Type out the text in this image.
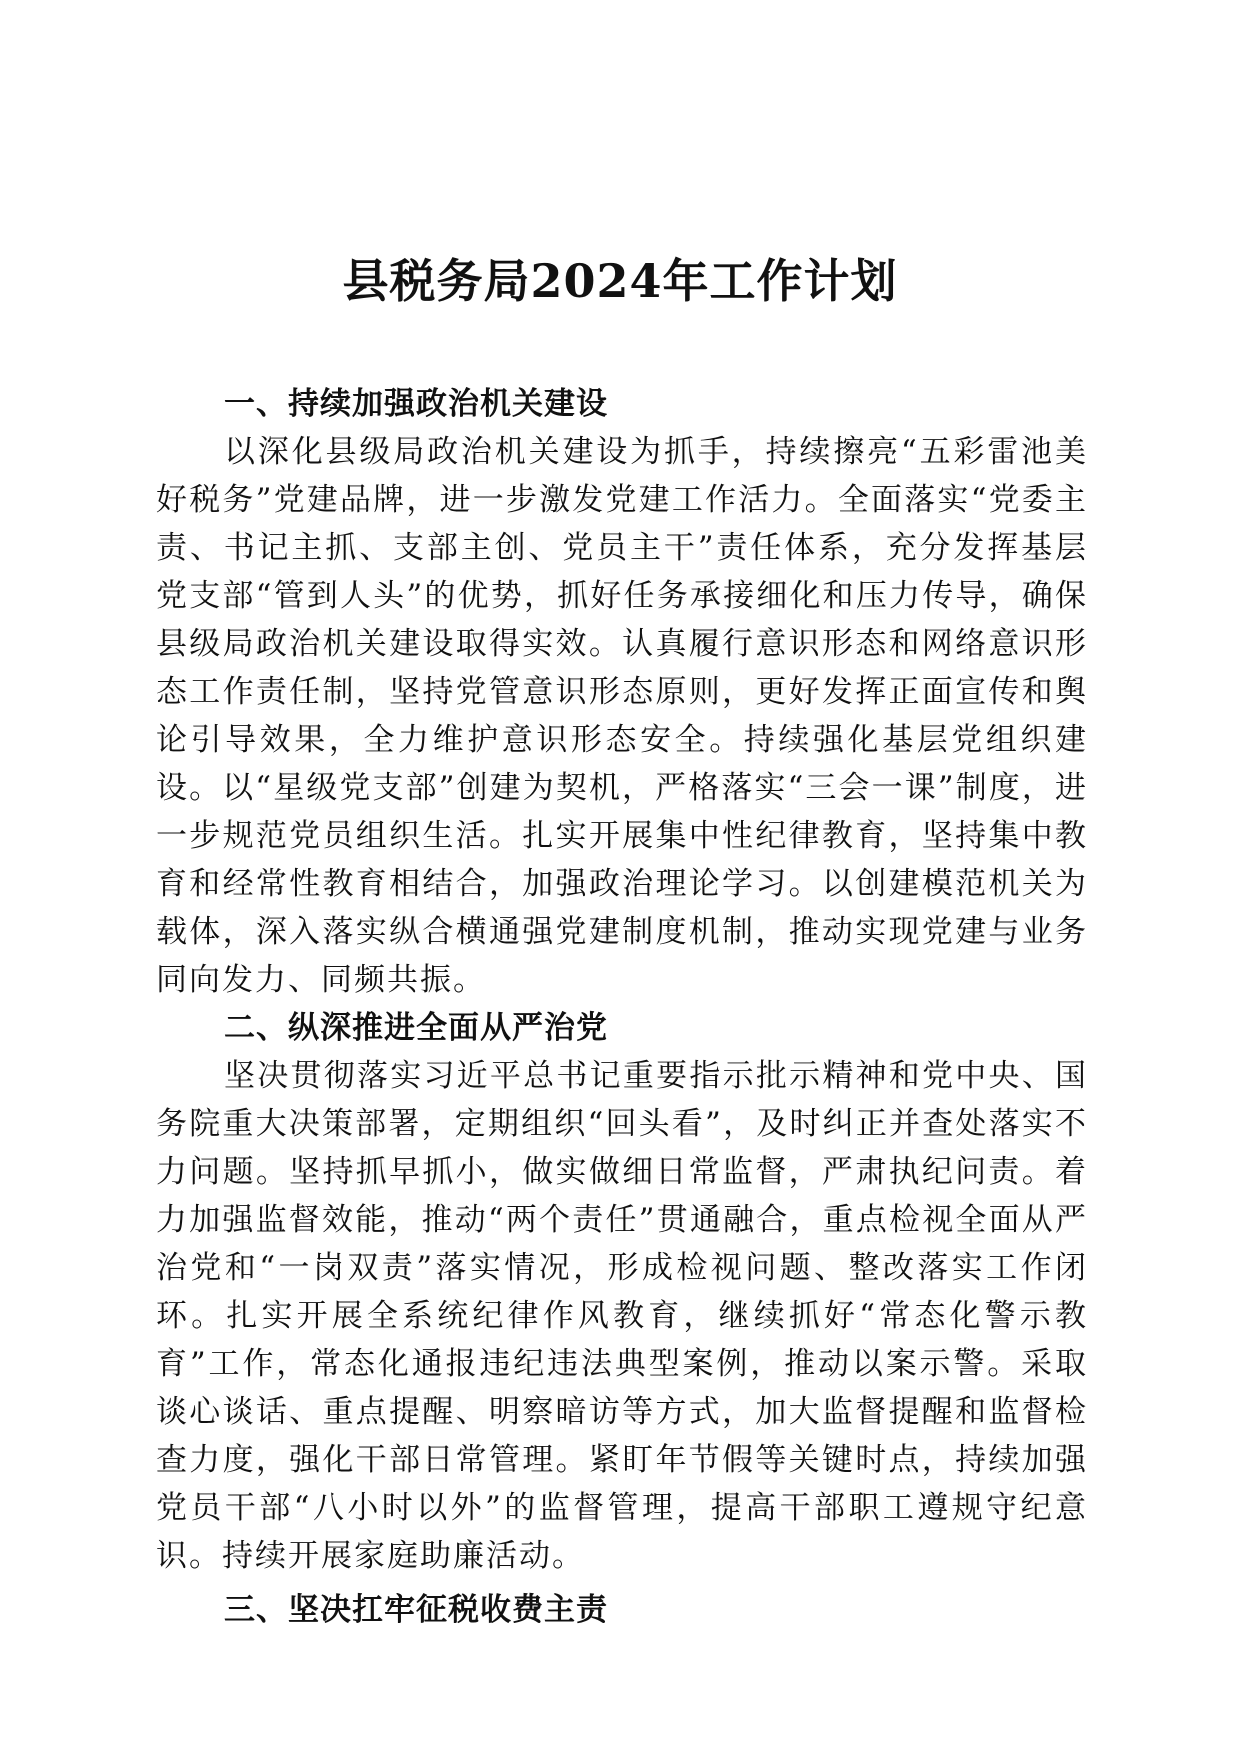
县税务局2024年工作计划

一、持续加强政治机关建设

以深化县级局政治机关建设为抓手，持续擦亮“五彩雷池美好税务”党建品牌，进一步激发党建工作活力。全面落实“党委主责、书记主抓、支部主创、党员主干”责任体系，充分发挥基层党支部“管到人头”的优势，抓好任务承接细化和压力传导，确保县级局政治机关建设取得实效。认真履行意识形态和网络意识形态工作责任制，坚持党管意识形态原则，更好发挥正面宣传和舆论引导效果，全力维护意识形态安全。持续强化基层党组织建设。以“星级党支部”创建为契机，严格落实“三会一课”制度，进一步规范党员组织生活。扎实开展集中性纪律教育，坚持集中教育和经常性教育相结合，加强政治理论学习。以创建模范机关为载体，深入落实纵合横通强党建制度机制，推动实现党建与业务同向发力、同频共振。

二、纵深推进全面从严治党

坚决贯彻落实习近平总书记重要指示批示精神和党中央、国务院重大决策部署，定期组织“回头看”，及时纠正并查处落实不力问题。坚持抓早抓小，做实做细日常监督，严肃执纪问责。着力加强监督效能，推动“两个责任”贯通融合，重点检视全面从严治党和“一岗双责”落实情况，形成检视问题、整改落实工作闭环。扎实开展全系统纪律作风教育，继续抓好“常态化警示教育”工作，常态化通报违纪违法典型案例，推动以案示警。采取谈心谈话、重点提醒、明察暗访等方式，加大监督提醒和监督检查力度，强化干部日常管理。紧盯年节假等关键时点，持续加强党员干部“八小时以外”的监督管理，提高干部职工遵规守纪意识。持续开展家庭助廉活动。

三、坚决扛牢征税收费主责
